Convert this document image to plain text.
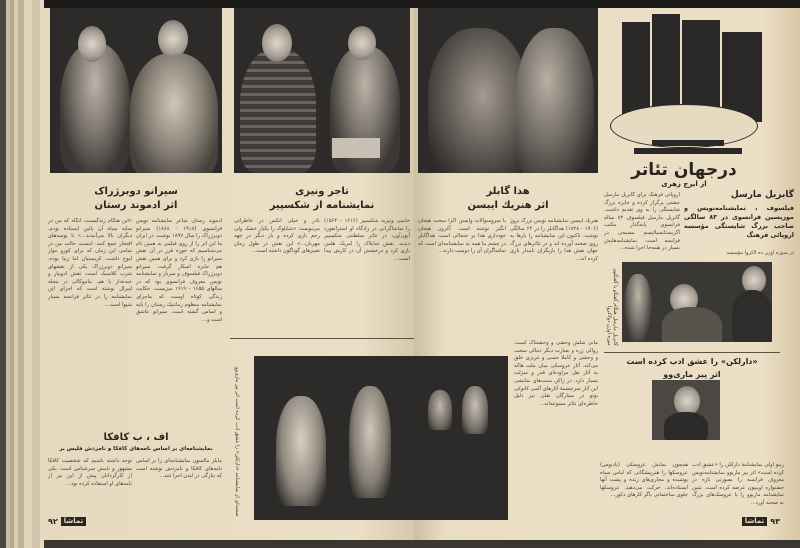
سیرانو دوبرژراک
اثر ادموند رستان
ادموند رستان شاعر نمایشنامه نویس فرانسوی (۱۹۱۸ - ۱۸۶۸) سیرانو دوبرژراک را سال ۱۸۹۷ نوشت. در ایران ما این اثر را از روی فیلمی به همین نام می‌شناسیم که خوزه فرر در آن نقش سیرانو را بازی کرد و برای همین نقش هم جایزه اسکار گرفت. سیرانو دوبرژراک فیلسوف و سرباز و نمایشنامه نویس معروف فرانسوی بود که در سالهای ۱۶۵۵ - ۱۶۱۹ میزیست. حکایت زندگی کوتاه اوست که ماجرای نمایشنامه منظوم رمانتیک رستان را پایه و اساس گشته است. سیرانو عاشق است و...
«این هنگام زندگیست، آنگاه که من در سایه سیاه آن پائین ایستاده بودم، دیگران بالا می‌آمدند...» تا بوسه‌های افتخار جمع کنند. اینست حالت من در تمامی این زمان که برای کورو مواز لبوخ داشت. کریستیان اما زیبا بوده. سیرانو دوبرژراک یکی از نقشهای شرب کلاسیک است، نقش ادوبیار و خنده‌دار با هم. مانیوکالی در مجله لیبرال نوشته است که اجرای این نمایشنامه را در تئاتر فرانسه بسیار شیوا است...
تاجر ونیزی
نمایشنامه از شکسپیر
خانمی ونیزیه شکسپیر (۱۶۱۶ - ۱۵۶۴) را تماشاگرانی در زادگاه او استراتفورد آپون‌آون، در تئاتر سلطنتی شکسپیر دیدند. نقش شایلاک را امریک هلمن بازی کرد و درخشش آن در کارش پیدا است...
نادر و خیلی آنکس در خاطراتی می‌نویسد: «شایلوک را یکبار خشک ولی رحم بازی کرده و بار دیگر در جهد مهربان...» این نقش در طول زمان تعبیرهای گوناگون داشته است...
اف ، ب کافکا
نمایشنامه‌ای بر اساس نامه‌های کافکا و نامزدش فلیس بر
مایلز مالسون نمایشنامه‌ای را بر اساس نامه‌های کافکا و نامزدش نوشته است که بتازگی در لندن اجرا شد...
توجه داشته باشیم که شخصیت کافکا مشهور و نامش سرشناس است. یکی از کارگردانان پیش از این نیز از نامه‌های او استفاده کرده بود...	صحنه‌ای از نمایشنامه «دارلکن» را عشق ادب کرده است اثر پیر ماری‌وو
۹۲ تماشا
درجهان تئاتر
از ایرج زهری
هدا گابلر
اثر هنریك ایبسن
هنریك ایبسن نمایشنامه نویس بزرگ نروژ (۱۹۰۶ - ۱۸۲۸) هداگابلر را در ۶۴ سالگی نوشت. تاکنون این نمایشنامه را بارها به روی صحنه آورده اند و در تئاترهای بزرگ جهان نقش هدا را بازیگران نامدار بازی کرده اند...
با سروسوالات وایسن آکرا سخت هیجان انگیز نوشته است. آکرون هیجان خودداری هدا بر جنجالی است. هداگابلر در چشم ما همه به نمایشنامه‌ای است که تماشاگران آن را دوست دارند...
گابریل مارسل
فیلسوف ، نمایشنامه‌نویس و موزیسین فرانسوی در ۸۳ سالگی صاحب بزرگ شایستگی مؤسسه اروپائی فرهنگ
در سوزه اوژن ده لاکروا مؤسسه
اروپائی فرهنگ برای گابریل مارسل جشنی برگزار کرده و جایزه بزرگ شایستگی را به وی تقدیم داشت. گابریل مارسل فیلسوف ۸۳ ساله فرانسوی پایه‌گذار مکتب اگزیستانسیالیسم مسیحی در فرانسه است. نمایشنامه‌هایش بسیار در همه‌جا اجرا شده...
گابریل مارسل هنگام گفتگو با گفتگوی موزه اوژن دولاکروا
«دارلکن» را عشق ادب کرده است
اثر پیر ماری‌وو
ریبو اولی نمایشنامهٔ دارلکن را «عشق ادب کرده است» اثر پیر ماریوو نمایشنامه‌نویس معروف فرانسه را بصورتی تازه در جشنواره اوینیون عرضه کرده است. شین نمایشنامه ماریوو را با عروسک‌های بزرگ به صحنه آورد...
همچون نمایش عروسکی (یادیوس) عروسکها را هنرپیشگانی که لباس سیاه پوشیده و مجاری‌های زنده و پشت آنها ایستاده‌اند، حرکت می‌دهند. عروسکها جلوی ساختمانی باگر کارهای دکور...
مانی شلش وحشی و وحشتناک است، زوالی زره و بعبارت دیگر دنبالی سخت و وحشی و کاملا حسی و غریزی خلق می‌کند. آثار عروسکی میان ملت هاکه به آثار نقل مراوده‌ای قدر و منزلت بسیار دارد. در زاکن سنت‌های نمایشی این آثار سرچشمهٔ آثارهای آلمی کانوکی بوتو در ستارگان نقلی نیز دلیل خاطره‌ای تئاتر ممنوعه‌اند...
تماشا ۹۳
